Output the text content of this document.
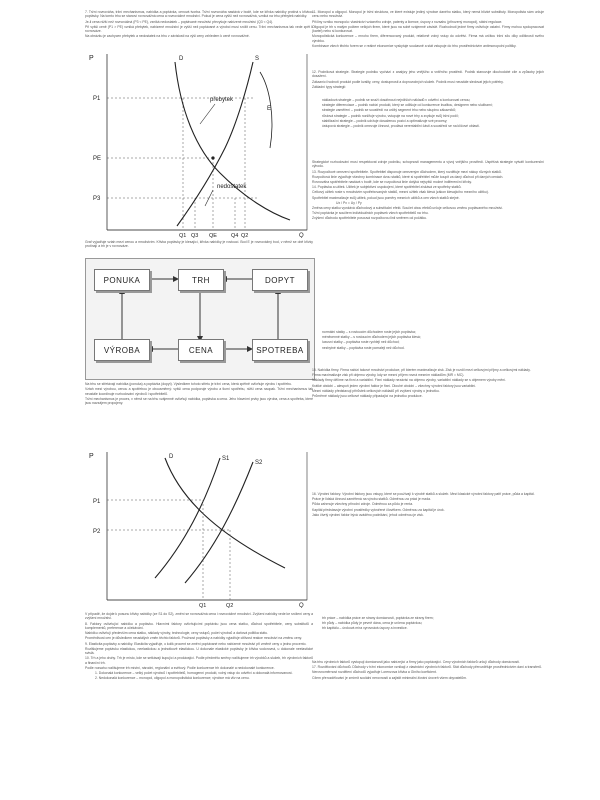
7. Tržní rovnováha, tržní mechanismus, nabídka a poptávka, cenová tvorba. Tržní rovnováha nastává v bodě, kde se křivka nabídky protíná s křivkou poptávky. Na tomto trhu se stanoví rovnovážná cena a rovnovážné množství. Pokud je cena vyšší než rovnovážná, vzniká na trhu přebytek nabídky.

Je-li cena nižší než rovnovážná (P3 < PE), vzniká nedostatek – poptávané množství převyšuje nabízené množství (Q3 < Q4).

Při vyšší ceně (P1 > PE) vzniká přebytek, nabízené množství je vyšší než poptávané a výrobci musí snížit cenu. Tržní mechanismus tak vede zpět k rovnováze.

Na obrázku je zachycen přebytek a nedostatek na trhu v závislosti na výši ceny vzhledem k ceně rovnovážné.

D	S
E
přebytek
nedostatek
P
P1
PE
P3
Q1 Q3 QE	Q4 Q2	Q

Graf vyjadřuje vztah mezi cenou a množstvím. Křivka poptávky je klesající, křivka nabídky je rostoucí. Bod E je rovnovážný bod, v němž se obě křivky protínají a trh je v rovnováze.

PONUKA	TRH	DOPYT
VÝROBA	CENA	SPOTREBA

Na trhu se střetávají nabídka (ponuka) a poptávka (dopyt). Výsledkem tohoto střetu je tržní cena, která zpětně ovlivňuje výrobu i spotřebu.

Vztah mezi výrobou, cenou a spotřebou je obousměrný: vyšší cena podporuje výrobu a tlumí spotřebu, nižší cena naopak. Tržní mechanismus tak neustále koordinuje rozhodování výrobců i spotřebitelů.

Tržní mechanismus je proces, v němž se na trhu vzájemně ovlivňují nabídka, poptávka a cena. Jeho hlavními prvky jsou výroba, cena a spotřeba, které jsou navzájem propojeny.

P
P1
P2
D	S1
S2
Q1	Q2	Q

V případě, že dojde k posunu křivky nabídky (ze S1 do S2), změní se rovnovážná cena i rovnovážné množství. Zvýšení nabídky vede ke snížení ceny a zvýšení množství.

8. Faktory ovlivňující nabídku a poptávku. Hlavními faktory ovlivňujícími poptávku jsou cena statku, důchod spotřebitele, ceny substitutů a komplementů, preference a očekávání.

Nabídku ovlivňují především cena statku, náklady výroby, technologie, ceny vstupů, počet výrobců a daňová politika státu.

Proměnlivost cen je důsledkem neustálých změn těchto faktorů. Pružnost poptávky a nabídky vyjadřuje citlivost reakce množství na změnu ceny.

9. Elasticita poptávky a nabídky. Elasticita vyjadřuje, o kolik procent se změní poptávané nebo nabízené množství při změně ceny o jedno procento.

Rozlišujeme poptávku elastickou, neelastickou a jednotkově elastickou. U dokonale elastické poptávky je křivka vodorovná, u dokonale neelastické svislá.

10. Trh a jeho druhy. Trh je místo, kde se setkávají kupující a prodávající. Podle předmětu směny rozlišujeme trh výrobků a služeb, trh výrobních faktorů a finanční trh.

Podle rozsahu rozlišujeme trh místní, národní, regionální a světový. Podle konkurence trh dokonalé a nedokonalé konkurence.

1. Dokonalá konkurence – velký počet výrobců i spotřebitelů, homogenní produkt, volný vstup do odvětví a dokonalá informovanost.

2. Nedokonalá konkurence – monopol, oligopol a monopolistická konkurence; výrobce má vliv na cenu.

11. Monopol a oligopol. Monopol je tržní struktura, ve které existuje jediný výrobce daného statku, který nemá blízké substituty. Monopolista sám určuje cenu nebo množství.

Příčiny vzniku monopolu: vlastnictví vzácného zdroje, patenty a licence, úspory z rozsahu (přirozený monopol), státní regulace.

Oligopol je trh s malým počtem velkých firem, které jsou na sobě vzájemně závislé. Rozhodnutí jedné firmy ovlivňuje ostatní. Firmy mohou spolupracovat (kartel) nebo si konkurovat.

Monopolistická konkurence – mnoho firem, diferencovaný produkt, relativně volný vstup do odvětví. Firma má určitou tržní sílu díky odlišnosti svého výrobku.

Kombinace všech těchto forem se v reálné ekonomice vyskytuje současně a stát vstupuje do trhu prostřednictvím antimonopolní politiky.

12. Podniková strategie. Strategie podniku vychází z analýzy jeho vnějšího a vnitřního prostředí. Podnik stanovuje dlouhodobé cíle a způsoby jejich dosažení.

Zákazníci hodnotí produkt podle kvality, ceny, dostupnosti a doprovodných služeb. Podnik musí neustále sledovat jejich potřeby.

Základní typy strategií:

nákladová strategie – podnik se snaží dosáhnout nejnižších nákladů v odvětví a konkurovat cenou;

strategie diferenciace – podnik nabízí produkt, který se odlišuje od konkurence kvalitou, designem nebo službami;

strategie zaměření – podnik se soustředí na určitý segment trhu nebo skupinu zákazníků;

růstová strategie – podnik rozšiřuje výrobu, vstupuje na nové trhy a zvyšuje svůj tržní podíl;

stabilizační strategie – podnik udržuje dosaženou pozici a optimalizuje své procesy;

ústupová strategie – podnik omezuje činnost, prodává nerentabilní části a soustředí se na klíčové oblasti.

Strategické rozhodování musí respektovat zdroje podniku, schopnosti managementu a vývoj vnějšího prostředí. Úspěšná strategie vytváří konkurenční výhodu.

13. Rozpočtové omezení spotřebitele. Spotřebitel disponuje omezeným důchodem, který rozděluje mezi nákup různých statků.

Rozpočtová linie vyjadřuje všechny kombinace dvou statků, které si spotřebitel může koupit za daný důchod při daných cenách.

Rovnováha spotřebitele nastává v bodě, kde se rozpočtová linie dotýká nejvyšší možné indiferenční křivky.

14. Poptávka a užitek. Užitek je subjektivní uspokojení, které spotřebitel získává ze spotřeby statků.

Celkový užitek roste s množstvím spotřebovaných statků, mezní užitek však klesá (zákon klesajícího mezního užitku).

Spotřebitel maximalizuje svůj užitek, pokud jsou poměry mezních užitků a cen všech statků stejné.

Ux / Px = Uy / Py

Změna ceny statku vyvolává důchodový a substituční efekt. Součet obou efektů určuje celkovou změnu poptávaného množství.

Tržní poptávka je součtem individuálních poptávek všech spotřebitelů na trhu.

Zvýšení důchodu spotřebitele posouvá rozpočtovou linii směrem od počátku.

normální statky – s rostoucím důchodem roste jejich poptávka;

méněcenné statky – s rostoucím důchodem jejich poptávka klesá;

luxusní statky – poptávka roste rychleji než důchod;

nezbytné statky – poptávka roste pomaleji než důchod.

15. Nabídka firmy. Firma nabízí takové množství produkce, při kterém maximalizuje zisk. Zisk je rozdíl mezi celkovými příjmy a celkovými náklady.

Firma maximalizuje zisk při objemu výroby, kdy se mezní příjem rovná mezním nákladům (MR = MC).

Náklady firmy dělíme na fixní a variabilní. Fixní náklady nezávisí na objemu výroby, variabilní náklady se s objemem výroby mění.

Krátké období – alespoň jeden výrobní faktor je fixní. Dlouhé období – všechny výrobní faktory jsou variabilní.

Mezní náklady představují přírůstek celkových nákladů při zvýšení výroby o jednotku.

Průměrné náklady jsou celkové náklady připadající na jednotku produkce.

16. Výrobní faktory. Výrobní faktory jsou vstupy, které se používají k výrobě statků a služeb. Mezi klasické výrobní faktory patří práce, půda a kapitál.

Práce je lidská činnost zaměřená na výrobu statků. Odměnou za práci je mzda.

Půda zahrnuje všechny přírodní zdroje. Odměnou za půdu je renta.

Kapitál představuje výrobní prostředky vytvořené člověkem. Odměnou za kapitál je úrok.

Jako čtvrtý výrobní faktor bývá uváděno podnikání, jehož odměnou je zisk.

trh práce – nabídka práce ze strany domácností, poptávka ze strany firem;

trh půdy – nabídka půdy je pevně dána, cena je určena poptávkou;

trh kapitálu – úroková míra vyrovnává úspory a investice.

Na trhu výrobních faktorů vystupují domácnosti jako nabízející a firmy jako poptávající. Ceny výrobních faktorů určují důchody domácností.

17. Rozdělování důchodů. Důchody v tržní ekonomice vznikají z vlastnictví výrobních faktorů. Stát důchody přerozděluje prostřednictvím daní a transferů.

Nerovnoměrnost rozdělení důchodů vyjadřuje Lorenzova křivka a Giniho koeficient.

Cílem přerozdělování je zmírnit sociální nerovnosti a zajistit minimální životní úroveň všem obyvatelům.
